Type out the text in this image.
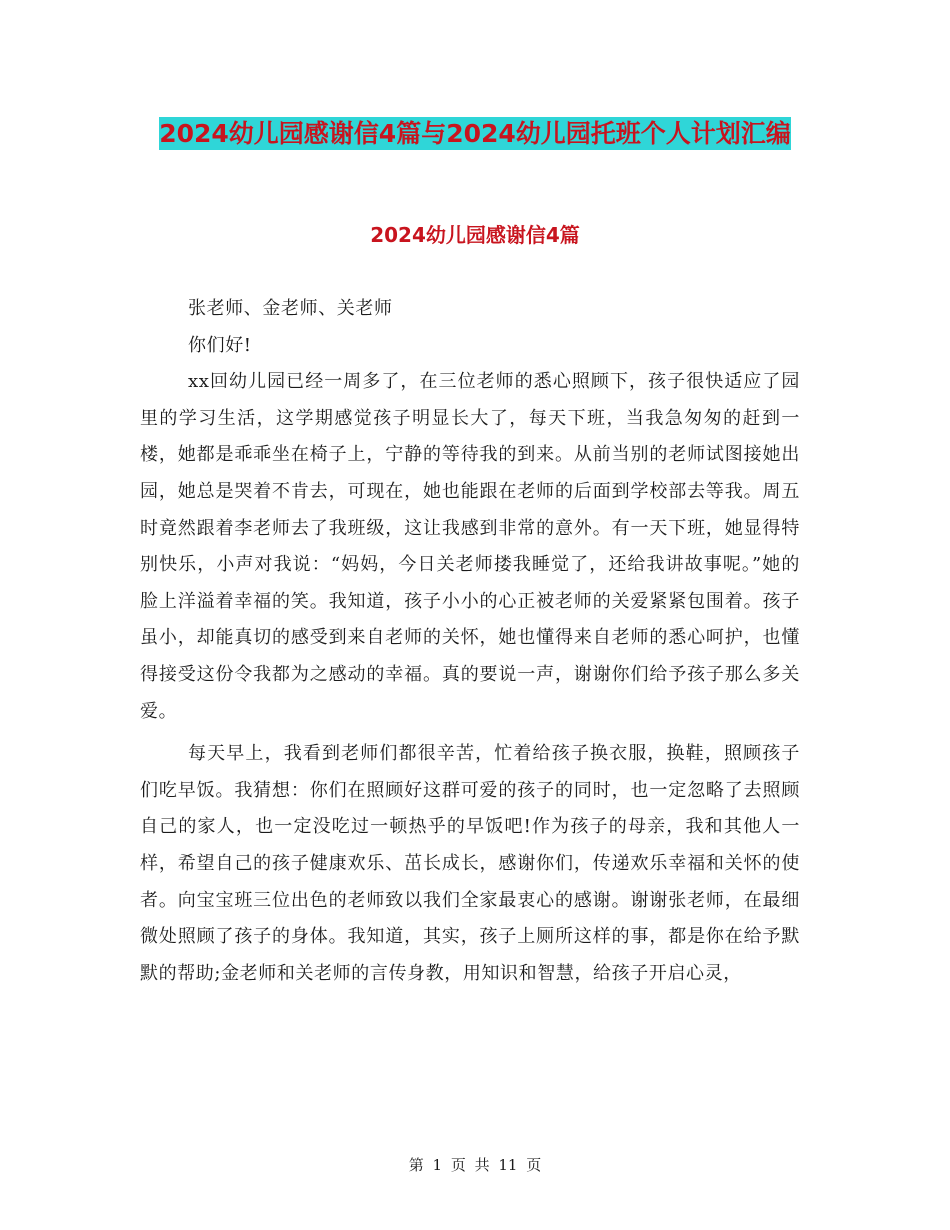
2024幼儿园感谢信4篇与2024幼儿园托班个人计划汇编
2024幼儿园感谢信4篇

张老师、金老师、关老师

你们好!

xx回幼儿园已经一周多了，在三位老师的悉心照顾下，孩子很快适应了园里的学习生活，这学期感觉孩子明显长大了，每天下班，当我急匆匆的赶到一楼，她都是乖乖坐在椅子上，宁静的等待我的到来。从前当别的老师试图接她出园，她总是哭着不肯去，可现在，她也能跟在老师的后面到学校部去等我。周五时竟然跟着李老师去了我班级，这让我感到非常的意外。有一天下班，她显得特别快乐，小声对我说：“妈妈，今日关老师搂我睡觉了，还给我讲故事呢。”她的脸上洋溢着幸福的笑。我知道，孩子小小的心正被老师的关爱紧紧包围着。孩子虽小，却能真切的感受到来自老师的关怀，她也懂得来自老师的悉心呵护，也懂得接受这份令我都为之感动的幸福。真的要说一声，谢谢你们给予孩子那么多关爱。

每天早上，我看到老师们都很辛苦，忙着给孩子换衣服，换鞋，照顾孩子们吃早饭。我猜想：你们在照顾好这群可爱的孩子的同时，也一定忽略了去照顾自己的家人，也一定没吃过一顿热乎的早饭吧!作为孩子的母亲，我和其他人一样，希望自己的孩子健康欢乐、茁长成长，感谢你们，传递欢乐幸福和关怀的使者。向宝宝班三位出色的老师致以我们全家最衷心的感谢。谢谢张老师，在最细微处照顾了孩子的身体。我知道，其实，孩子上厕所这样的事，都是你在给予默默的帮助;金老师和关老师的言传身教，用知识和智慧，给孩子开启心灵，

第 1 页 共 11 页
